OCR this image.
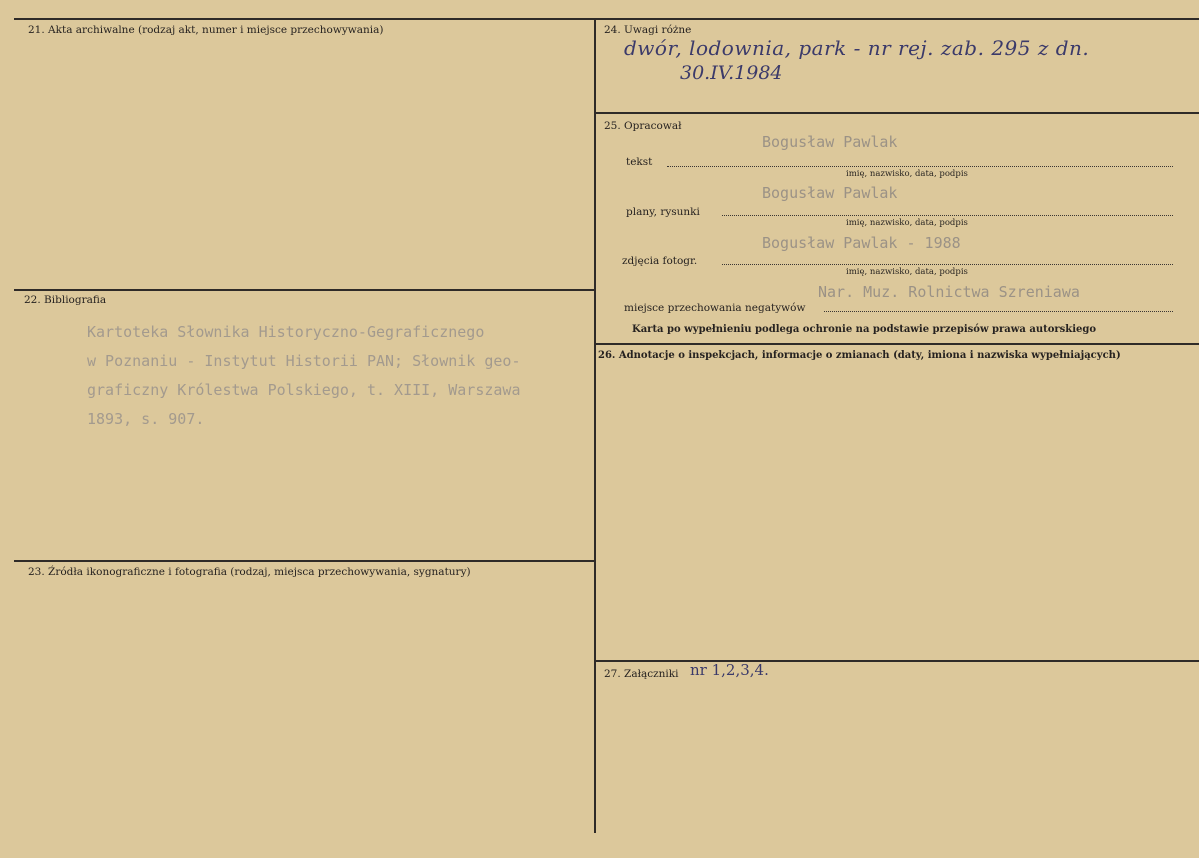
21. Akta archiwalne (rodzaj akt, numer i miejsce przechowywania)
22. Bibliografia
Kartoteka Słownika Historyczno-Gegraficznego
w Poznaniu - Instytut Historii PAN; Słownik geo-
graficzny Królestwa Polskiego, t. XIII, Warszawa
1893, s. 907.
23. Źródła ikonograficzne i fotografia (rodzaj, miejsca przechowywania, sygnatury)
24. Uwagi różne
dwór, lodownia, park - nr rej. zab. 295 z dn.
30.IV.1984
25. Opracował
Bogusław Pawlak
tekst
imię, nazwisko, data, podpis
Bogusław Pawlak
plany, rysunki
imię, nazwisko, data, podpis
Bogusław Pawlak - 1988
zdjęcia fotogr.
imię, nazwisko, data, podpis
Nar. Muz. Rolnictwa Szreniawa
miejsce przechowania negatywów
Karta po wypełnieniu podlega ochronie na podstawie przepisów prawa autorskiego
26. Adnotacje o inspekcjach, informacje o zmianach (daty, imiona i nazwiska wypełniających)
27. Załączniki nr 1,2,3,4.
